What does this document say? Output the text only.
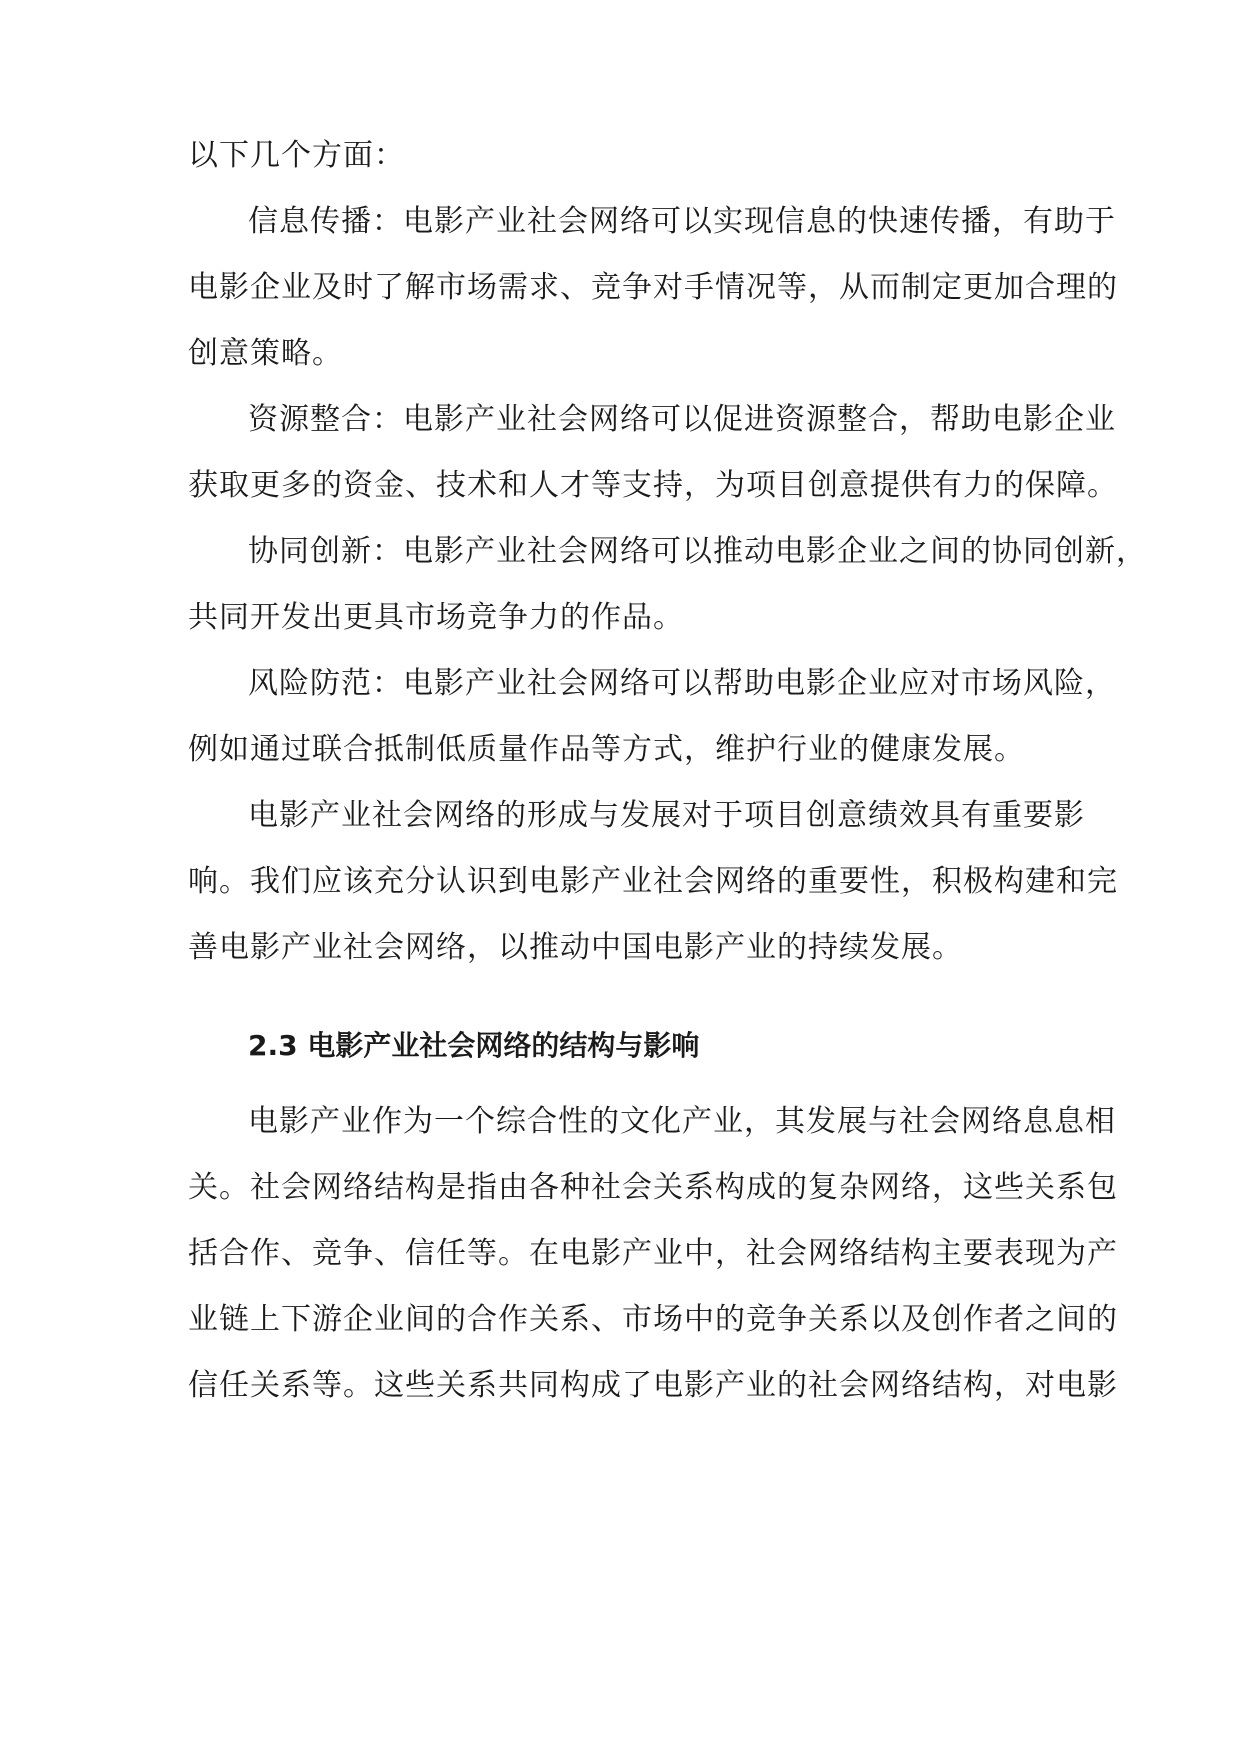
以下几个方面：
信息传播：电影产业社会网络可以实现信息的快速传播，有助于
电影企业及时了解市场需求、竞争对手情况等，从而制定更加合理的
创意策略。
资源整合：电影产业社会网络可以促进资源整合，帮助电影企业
获取更多的资金、技术和人才等支持，为项目创意提供有力的保障。
协同创新：电影产业社会网络可以推动电影企业之间的协同创新，
共同开发出更具市场竞争力的作品。
风险防范：电影产业社会网络可以帮助电影企业应对市场风险，
例如通过联合抵制低质量作品等方式，维护行业的健康发展。
电影产业社会网络的形成与发展对于项目创意绩效具有重要影
响。我们应该充分认识到电影产业社会网络的重要性，积极构建和完
善电影产业社会网络，以推动中国电影产业的持续发展。
2.3 电影产业社会网络的结构与影响
电影产业作为一个综合性的文化产业，其发展与社会网络息息相
关。社会网络结构是指由各种社会关系构成的复杂网络，这些关系包
括合作、竞争、信任等。在电影产业中，社会网络结构主要表现为产
业链上下游企业间的合作关系、市场中的竞争关系以及创作者之间的
信任关系等。这些关系共同构成了电影产业的社会网络结构，对电影
